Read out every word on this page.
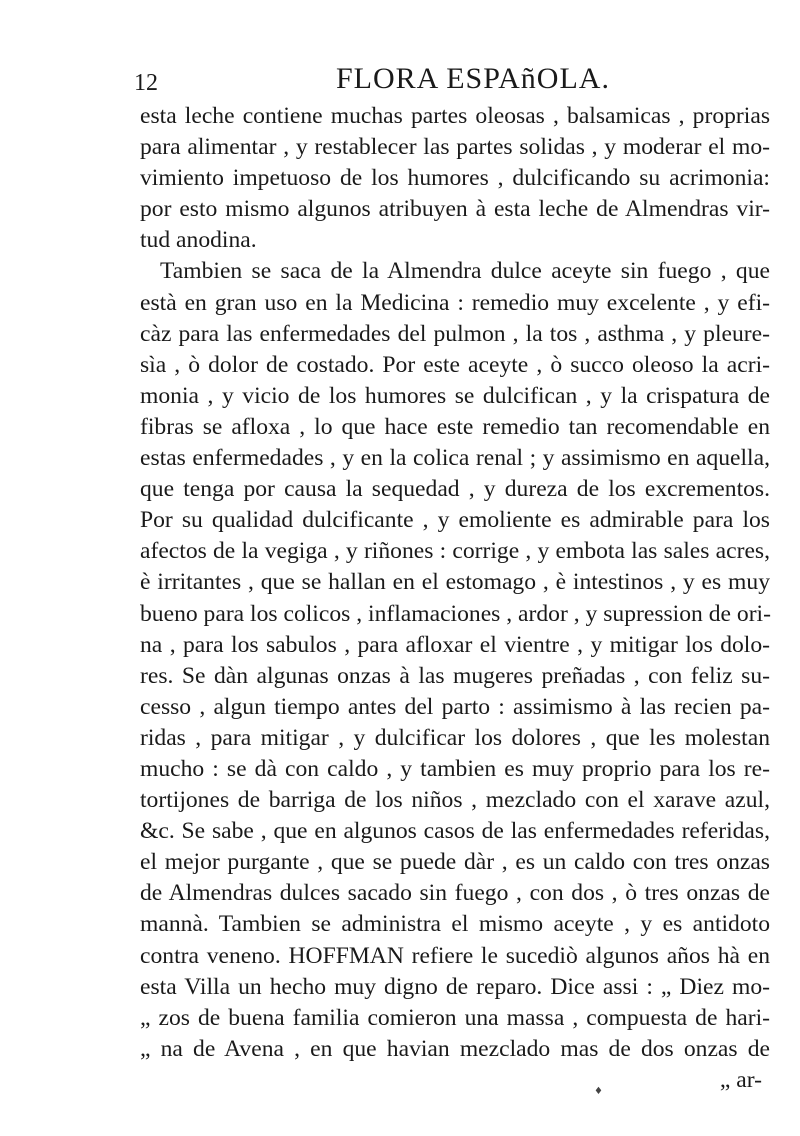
12	FLORA ESPAñOLA.
esta leche contiene muchas partes oleosas , balsamicas , proprias
para alimentar , y restablecer las partes solidas , y moderar el mo-
vimiento impetuoso de los humores , dulcificando su acrimonia:
por esto mismo algunos atribuyen à esta leche de Almendras vir-
tud anodina.
Tambien se saca de la Almendra dulce aceyte sin fuego , que
està en gran uso en la Medicina : remedio muy excelente , y efi-
càz para las enfermedades del pulmon , la tos , asthma , y pleure-
sìa , ò dolor de costado. Por este aceyte , ò succo oleoso la acri-
monia , y vicio de los humores se dulcifican , y la crispatura de
fibras se afloxa , lo que hace este remedio tan recomendable en
estas enfermedades , y en la colica renal ; y assimismo en aquella,
que tenga por causa la sequedad , y dureza de los excrementos.
Por su qualidad dulcificante , y emoliente es admirable para los
afectos de la vegiga , y riñones : corrige , y embota las sales acres,
è irritantes , que se hallan en el estomago , è intestinos , y es muy
bueno para los colicos , inflamaciones , ardor , y supression de ori-
na , para los sabulos , para afloxar el vientre , y mitigar los dolo-
res. Se dàn algunas onzas à las mugeres preñadas , con feliz su-
cesso , algun tiempo antes del parto : assimismo à las recien pa-
ridas , para mitigar , y dulcificar los dolores , que les molestan
mucho : se dà con caldo , y tambien es muy proprio para los re-
tortijones de barriga de los niños , mezclado con el xarave azul,
&c. Se sabe , que en algunos casos de las enfermedades referidas,
el mejor purgante , que se puede dàr , es un caldo con tres onzas
de Almendras dulces sacado sin fuego , con dos , ò tres onzas de
mannà. Tambien se administra el mismo aceyte , y es antidoto
contra veneno. HOFFMAN refiere le sucediò algunos años hà en
esta Villa un hecho muy digno de reparo. Dice assi : „ Diez mo-
„ zos de buena familia comieron una massa , compuesta de hari-
„ na de Avena , en que havian mezclado mas de dos onzas de
„ ar-
♦
